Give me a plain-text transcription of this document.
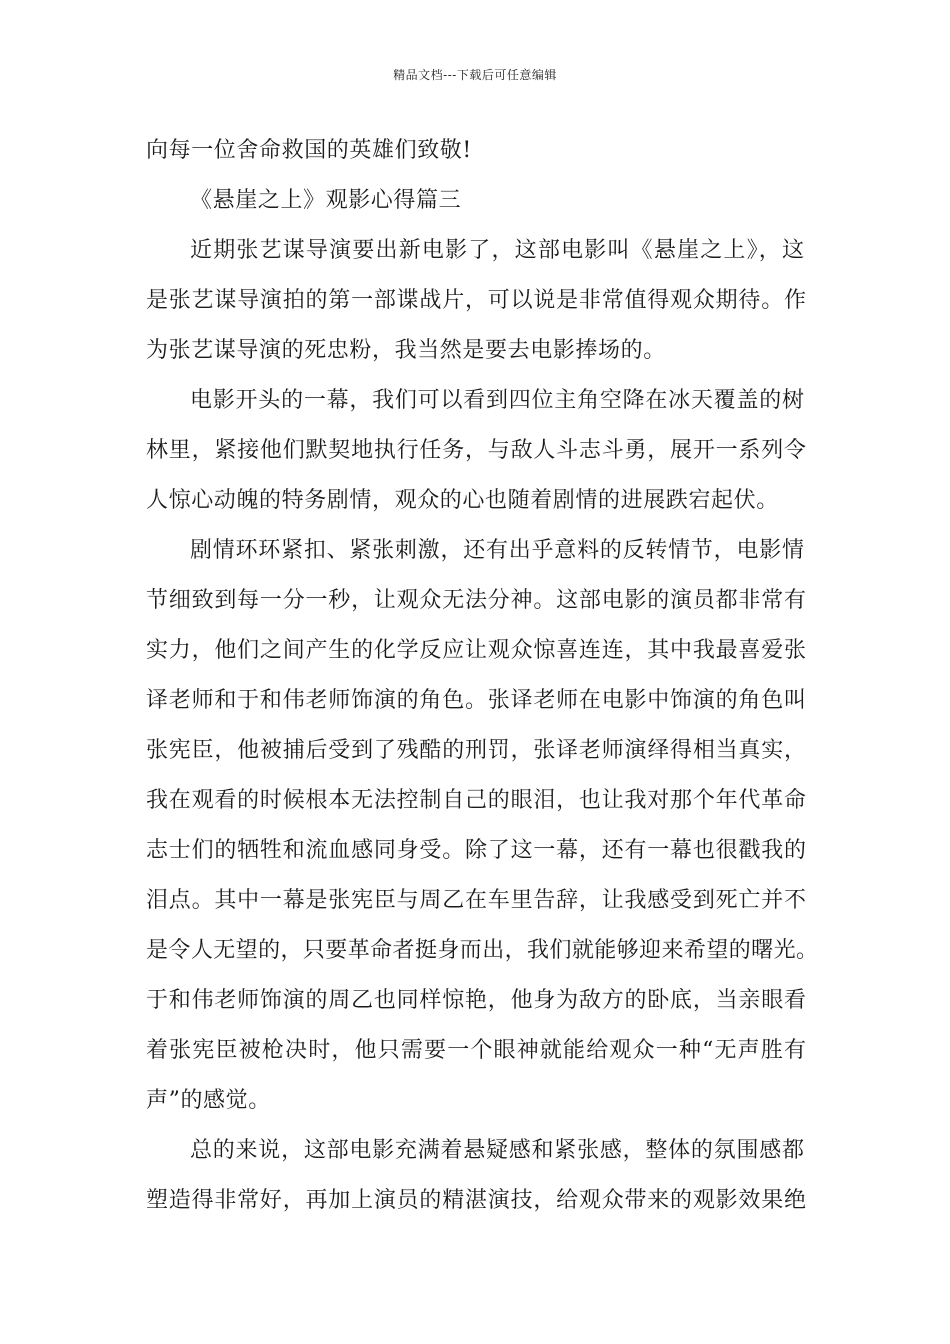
精品文档---下载后可任意编辑
向每一位舍命救国的英雄们致敬!
《悬崖之上》观影心得篇三
近期张艺谋导演要出新电影了，这部电影叫《悬崖之上》，这
是张艺谋导演拍的第一部谍战片，可以说是非常值得观众期待。作
为张艺谋导演的死忠粉，我当然是要去电影捧场的。
电影开头的一幕，我们可以看到四位主角空降在冰天覆盖的树
林里，紧接他们默契地执行任务，与敌人斗志斗勇，展开一系列令
人惊心动魄的特务剧情，观众的心也随着剧情的进展跌宕起伏。
剧情环环紧扣、紧张刺激，还有出乎意料的反转情节，电影情
节细致到每一分一秒，让观众无法分神。这部电影的演员都非常有
实力，他们之间产生的化学反应让观众惊喜连连，其中我最喜爱张
译老师和于和伟老师饰演的角色。张译老师在电影中饰演的角色叫
张宪臣，他被捕后受到了残酷的刑罚，张译老师演绎得相当真实，
我在观看的时候根本无法控制自己的眼泪，也让我对那个年代革命
志士们的牺牲和流血感同身受。除了这一幕，还有一幕也很戳我的
泪点。其中一幕是张宪臣与周乙在车里告辞，让我感受到死亡并不
是令人无望的，只要革命者挺身而出，我们就能够迎来希望的曙光。
于和伟老师饰演的周乙也同样惊艳，他身为敌方的卧底，当亲眼看
着张宪臣被枪决时，他只需要一个眼神就能给观众一种“无声胜有
声”的感觉。
总的来说，这部电影充满着悬疑感和紧张感，整体的氛围感都
塑造得非常好，再加上演员的精湛演技，给观众带来的观影效果绝
